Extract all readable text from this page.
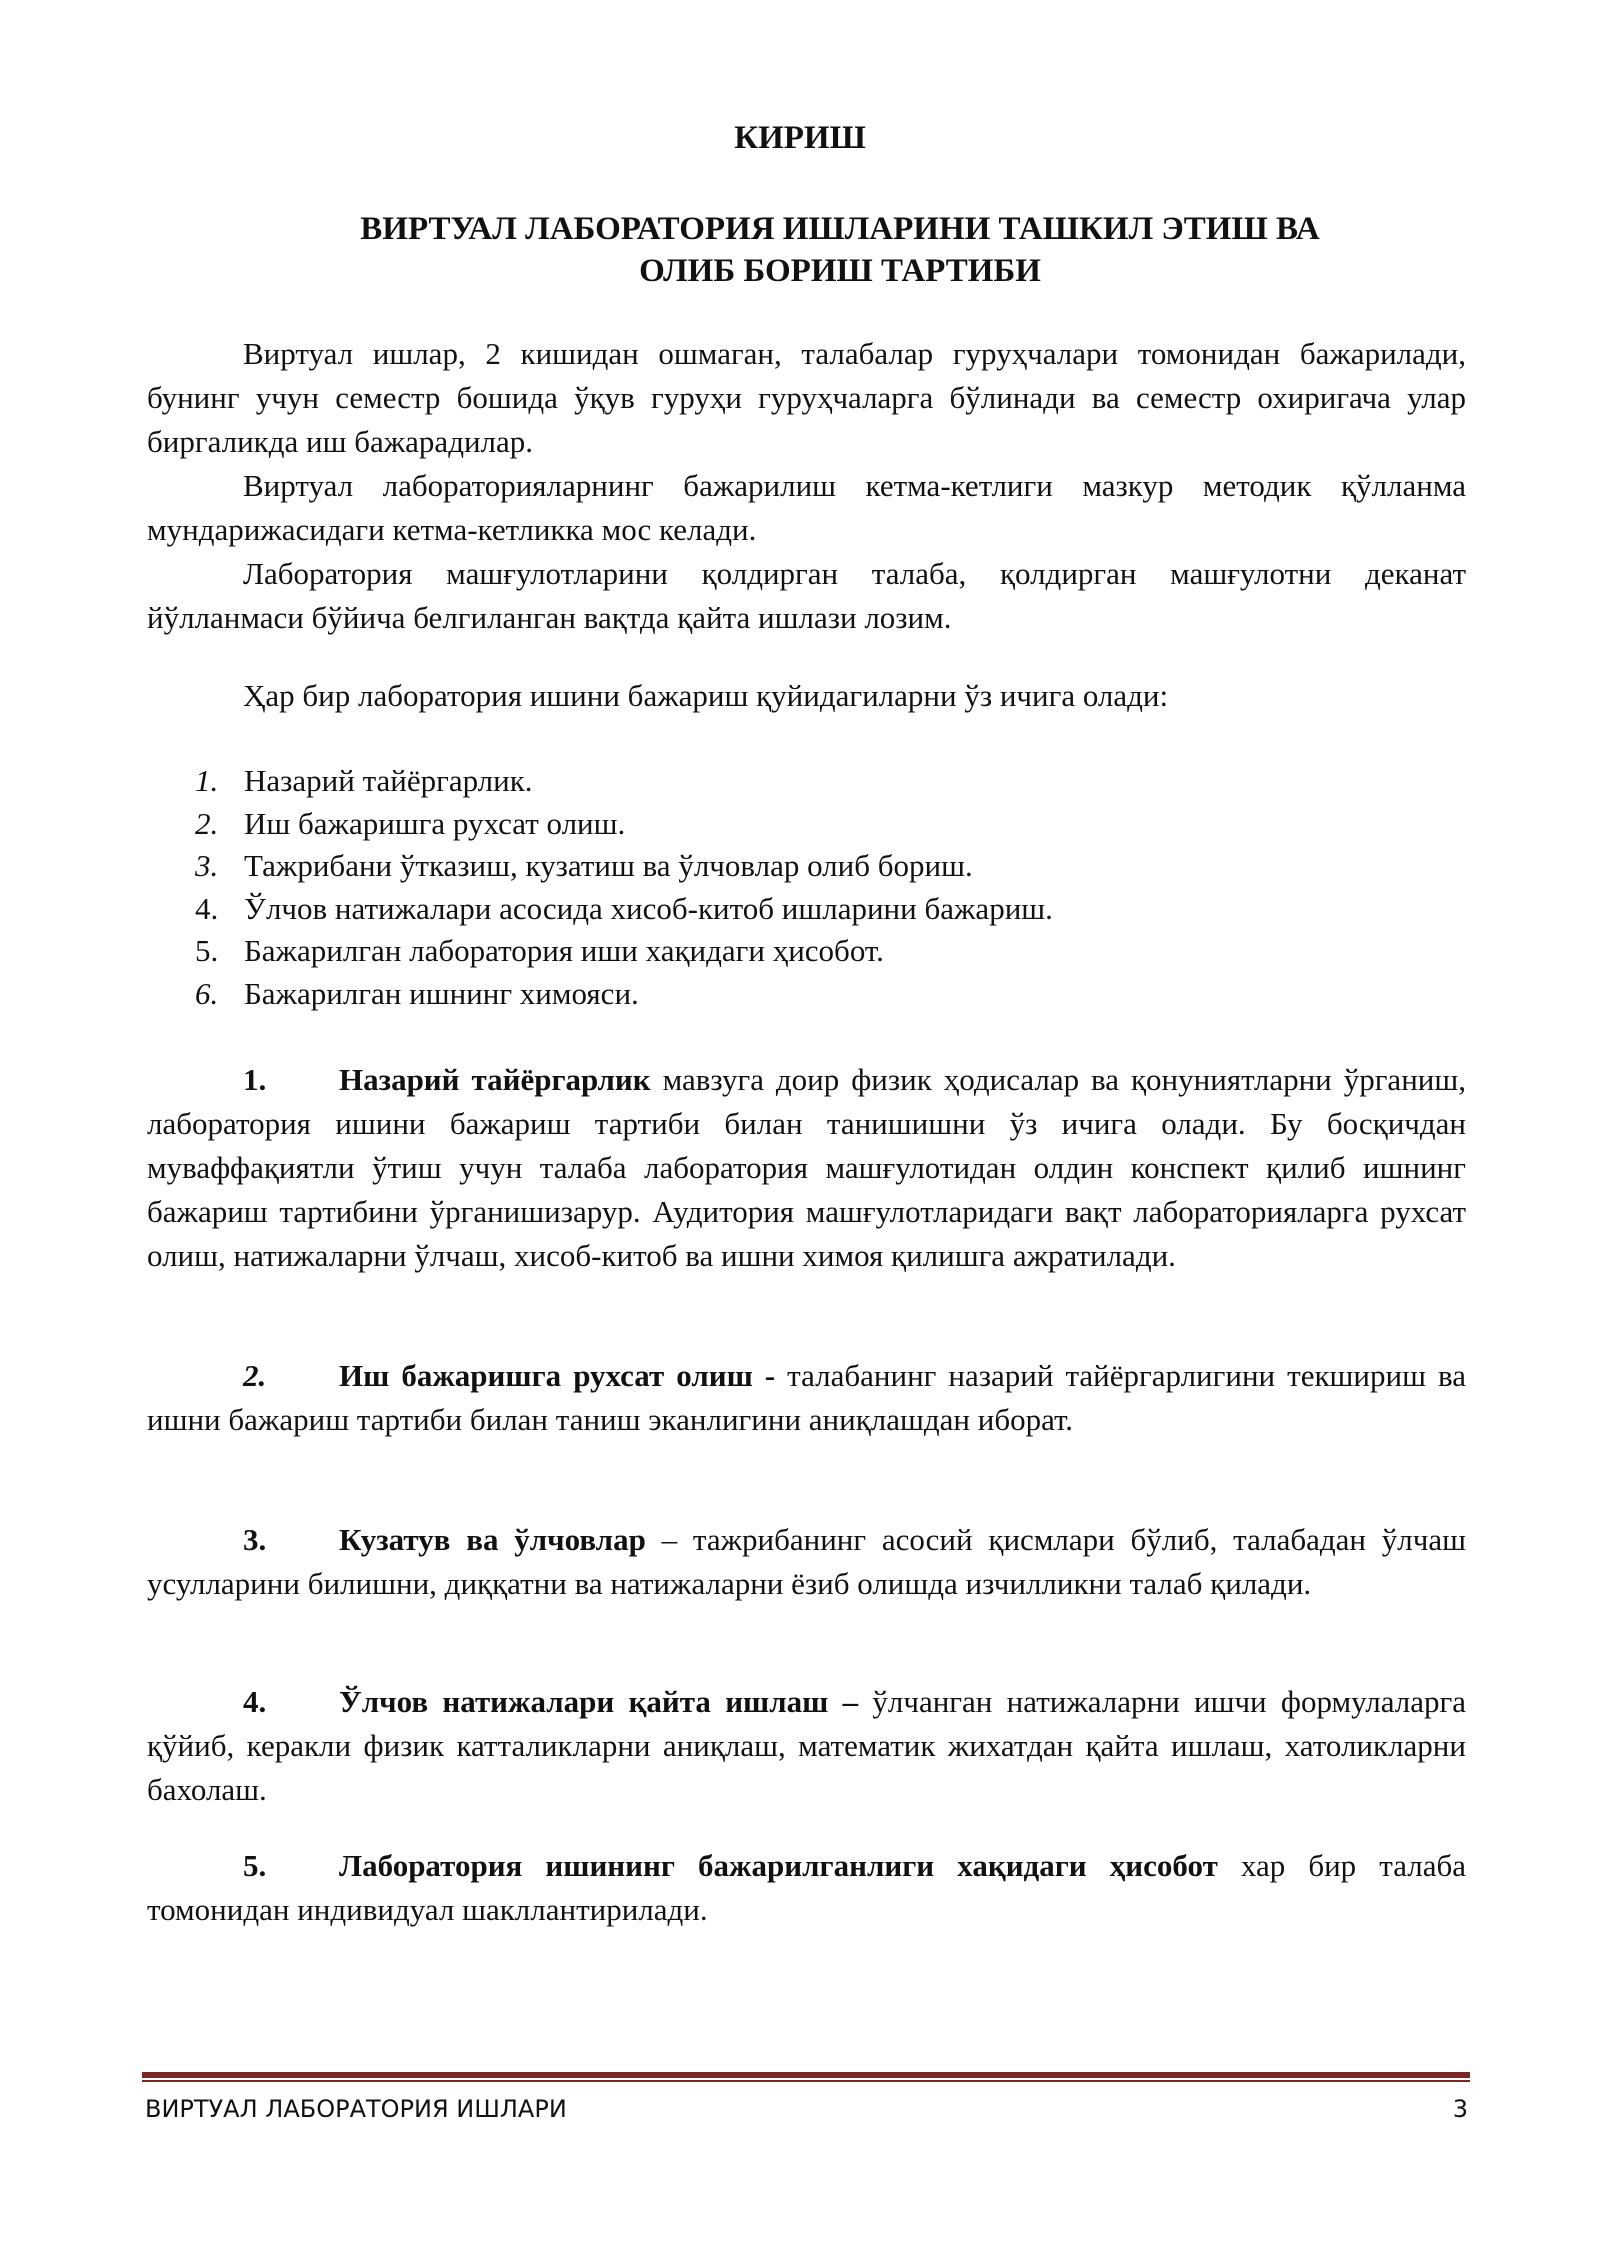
КИРИШ
ВИРТУАЛ ЛАБОРАТОРИЯ ИШЛАРИНИ ТАШКИЛ ЭТИШ ВА
ОЛИБ БОРИШ ТАРТИБИ

Виртуал ишлар, 2 кишидан ошмаган, талабалар гуруҳчалари томонидан бажарилади, бунинг учун семестр бошида ўқув гуруҳи гуруҳчаларга бўлинади ва семестр охиригача улар биргаликда иш бажарадилар.

Виртуал лабораторияларнинг бажарилиш кетма-кетлиги мазкур методик қўлланма мундарижасидаги кетма-кетликка мос келади.

Лаборатория машғулотларини қолдирган талаба, қолдирган машғулотни деканат йўлланмаси бўйича белгиланган вақтда қайта ишлази лозим.

Ҳар бир лаборатория ишини бажариш қуйидагиларни ўз ичига олади:

1. Назарий тайёргарлик.
2. Иш бажаришга рухсат олиш.
3. Тажрибани ўтказиш, кузатиш ва ўлчовлар олиб бориш.
4. Ўлчов натижалари асосида хисоб-китоб ишларини бажариш.
5. Бажарилган лаборатория иши хақидаги ҳисобот.
6. Бажарилган ишнинг химояси.

1. Назарий тайёргарлик мавзуга доир физик ҳодисалар ва қонуниятларни ўрганиш, лаборатория ишини бажариш тартиби билан танишишни ўз ичига олади. Бу босқичдан муваффақиятли ўтиш учун талаба лаборатория машғулотидан олдин конспект қилиб ишнинг бажариш тартибини ўрганишизарур. Аудитория машғулотларидаги вақт лабораторияларга рухсат олиш, натижаларни ўлчаш, хисоб-китоб ва ишни химоя қилишга ажратилади.

2. Иш бажаришга рухсат олиш - талабанинг назарий тайёргарлигини текшириш ва ишни бажариш тартиби билан таниш эканлигини аниқлашдан иборат.

3. Кузатув ва ўлчовлар – тажрибанинг асосий қисмлари бўлиб, талабадан ўлчаш усулларини билишни, диққатни ва натижаларни ёзиб олишда изчилликни талаб қилади.

4. Ўлчов натижалари қайта ишлаш – ўлчанган натижаларни ишчи формулаларга қўйиб, керакли физик катталикларни аниқлаш, математик жихатдан қайта ишлаш, хатоликларни бахолаш.

5. Лаборатория ишининг бажарилганлиги хақидаги ҳисобот хар бир талаба томонидан индивидуал шакллантирилади.

ВИРТУАЛ ЛАБОРАТОРИЯ ИШЛАРИ	3
